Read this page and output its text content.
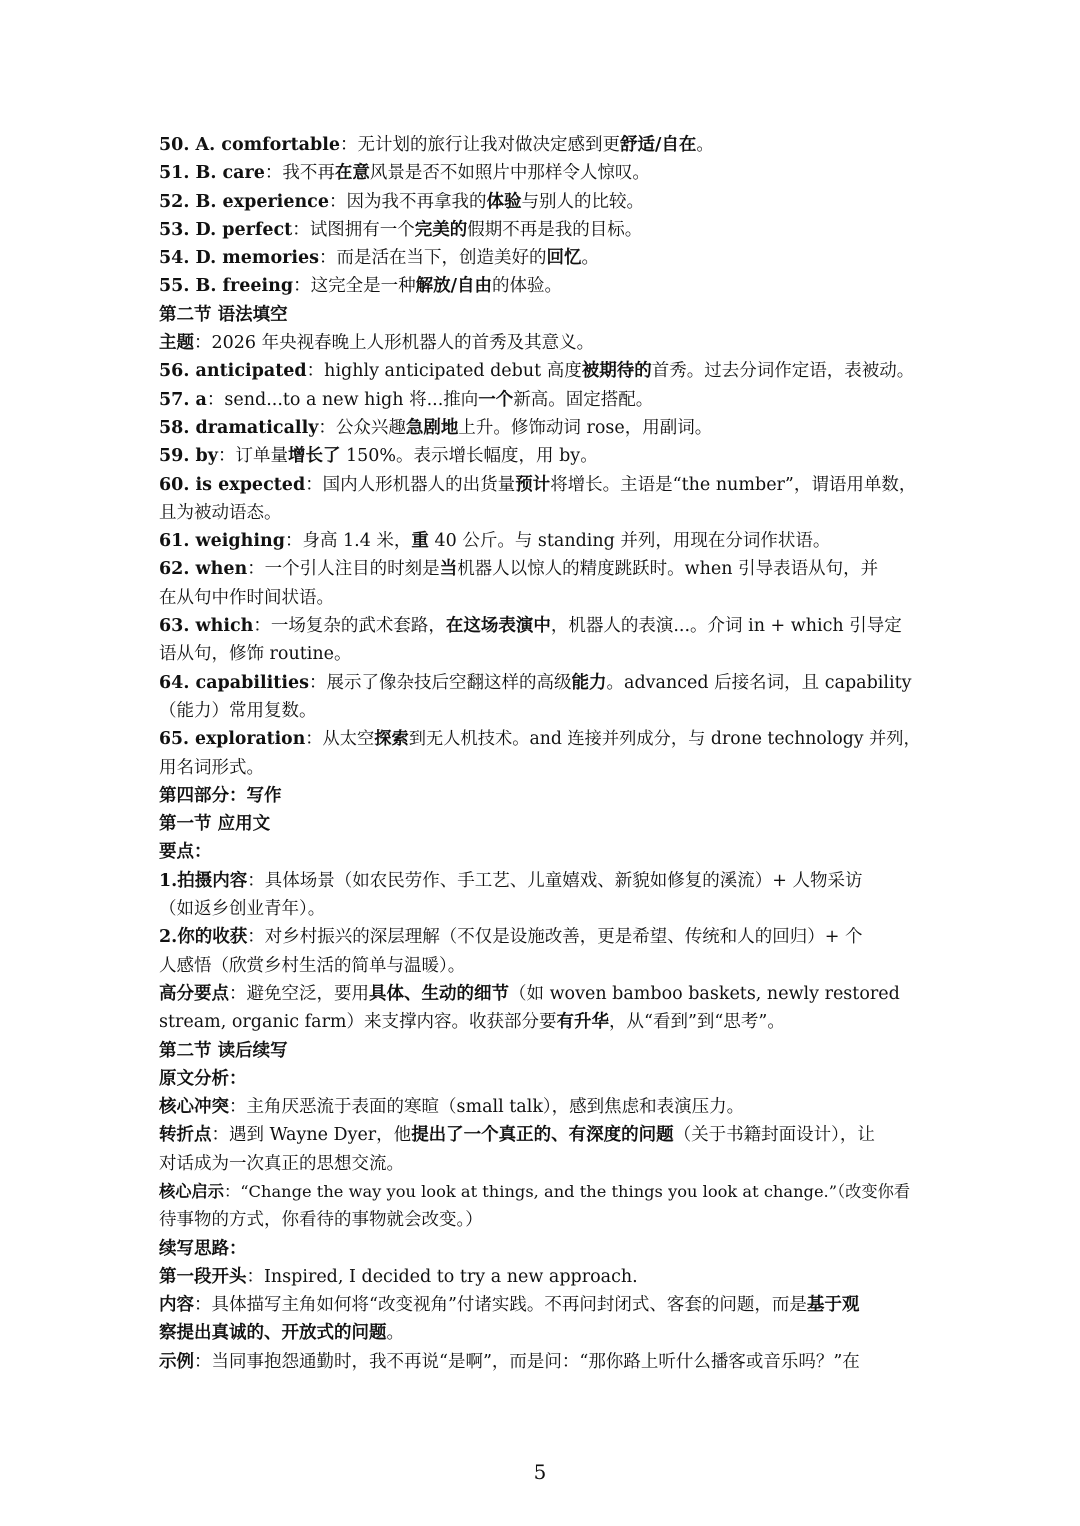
50. A. comfortable：无计划的旅行让我对做决定感到更舒适/自在。
51. B. care：我不再在意风景是否不如照片中那样令人惊叹。
52. B. experience：因为我不再拿我的体验与别人的比较。
53. D. perfect：试图拥有一个完美的假期不再是我的目标。
54. D. memories：而是活在当下，创造美好的回忆。
55. B. freeing：这完全是一种解放/自由的体验。
第二节 语法填空
主题：2026 年央视春晚上人形机器人的首秀及其意义。
56. anticipated：highly anticipated debut 高度被期待的首秀。过去分词作定语，表被动。
57. a：send...to a new high 将...推向一个新高。固定搭配。
58. dramatically：公众兴趣急剧地上升。修饰动词 rose，用副词。
59. by：订单量增长了 150%。表示增长幅度，用 by。
60. is expected：国内人形机器人的出货量预计将增长。主语是“the number”，谓语用单数，
且为被动语态。
61. weighing：身高 1.4 米，重 40 公斤。与 standing 并列，用现在分词作状语。
62. when：一个引人注目的时刻是当机器人以惊人的精度跳跃时。when 引导表语从句，并
在从句中作时间状语。
63. which：一场复杂的武术套路，在这场表演中，机器人的表演...。介词 in + which 引导定
语从句，修饰 routine。
64. capabilities：展示了像杂技后空翻这样的高级能力。advanced 后接名词，且 capability
（能力）常用复数。
65. exploration：从太空探索到无人机技术。and 连接并列成分，与 drone technology 并列，
用名词形式。
第四部分：写作
第一节 应用文
要点：
1.拍摄内容：具体场景（如农民劳作、手工艺、儿童嬉戏、新貌如修复的溪流）+ 人物采访
（如返乡创业青年）。
2.你的收获：对乡村振兴的深层理解（不仅是设施改善，更是希望、传统和人的回归）+ 个
人感悟（欣赏乡村生活的简单与温暖）。
高分要点：避免空泛，要用具体、生动的细节（如 woven bamboo baskets, newly restored
stream, organic farm）来支撑内容。收获部分要有升华，从“看到”到“思考”。
第二节 读后续写
原文分析：
核心冲突：主角厌恶流于表面的寒暄（small talk），感到焦虑和表演压力。
转折点：遇到 Wayne Dyer，他提出了一个真正的、有深度的问题（关于书籍封面设计），让
对话成为一次真正的思想交流。
核心启示：“Change the way you look at things, and the things you look at change.”（改变你看
待事物的方式，你看待的事物就会改变。）
续写思路：
第一段开头：Inspired, I decided to try a new approach.
内容：具体描写主角如何将“改变视角”付诸实践。不再问封闭式、客套的问题，而是基于观
察提出真诚的、开放式的问题。
示例：当同事抱怨通勤时，我不再说“是啊”，而是问：“那你路上听什么播客或音乐吗？”在
5
